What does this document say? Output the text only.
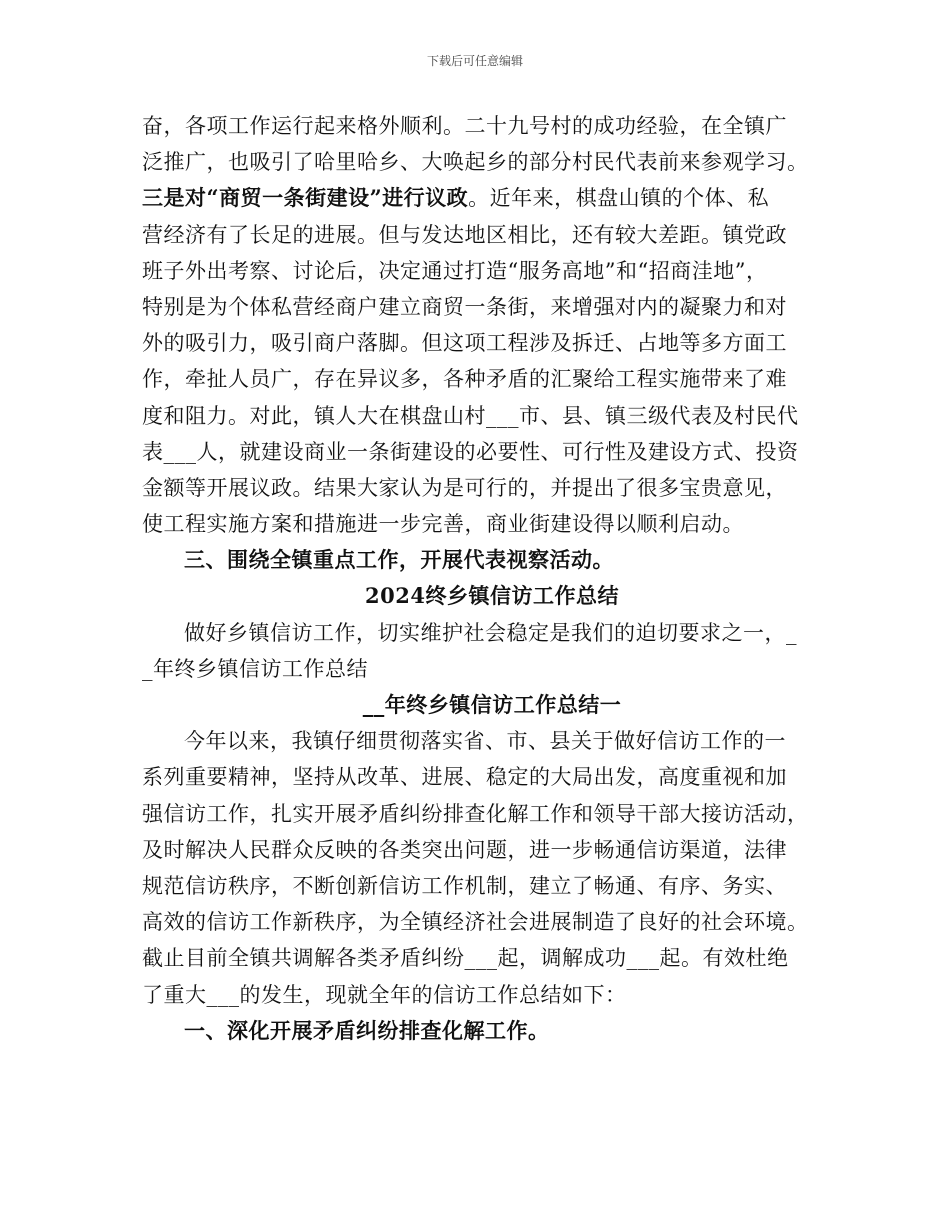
下载后可任意编辑
奋，各项工作运行起来格外顺利。二十九号村的成功经验，在全镇广
泛推广，也吸引了哈里哈乡、大唤起乡的部分村民代表前来参观学习。
三是对“商贸一条街建设”进行议政。近年来，棋盘山镇的个体、私
营经济有了长足的进展。但与发达地区相比，还有较大差距。镇党政
班子外出考察、讨论后，决定通过打造“服务高地”和“招商洼地”，
特别是为个体私营经商户建立商贸一条街，来增强对内的凝聚力和对
外的吸引力，吸引商户落脚。但这项工程涉及拆迁、占地等多方面工
作，牵扯人员广，存在异议多，各种矛盾的汇聚给工程实施带来了难
度和阻力。对此，镇人大在棋盘山村___市、县、镇三级代表及村民代
表___人，就建设商业一条街建设的必要性、可行性及建设方式、投资
金额等开展议政。结果大家认为是可行的，并提出了很多宝贵意见，
使工程实施方案和措施进一步完善，商业街建设得以顺利启动。
三、围绕全镇重点工作，开展代表视察活动。
2024终乡镇信访工作总结
做好乡镇信访工作，切实维护社会稳定是我们的迫切要求之一，_
_年终乡镇信访工作总结
__年终乡镇信访工作总结一
今年以来，我镇仔细贯彻落实省、市、县关于做好信访工作的一
系列重要精神，坚持从改革、进展、稳定的大局出发，高度重视和加
强信访工作，扎实开展矛盾纠纷排查化解工作和领导干部大接访活动，
及时解决人民群众反映的各类突出问题，进一步畅通信访渠道，法律
规范信访秩序，不断创新信访工作机制，建立了畅通、有序、务实、
高效的信访工作新秩序，为全镇经济社会进展制造了良好的社会环境。
截止目前全镇共调解各类矛盾纠纷___起，调解成功___起。有效杜绝
了重大___的发生，现就全年的信访工作总结如下：
一、深化开展矛盾纠纷排查化解工作。
